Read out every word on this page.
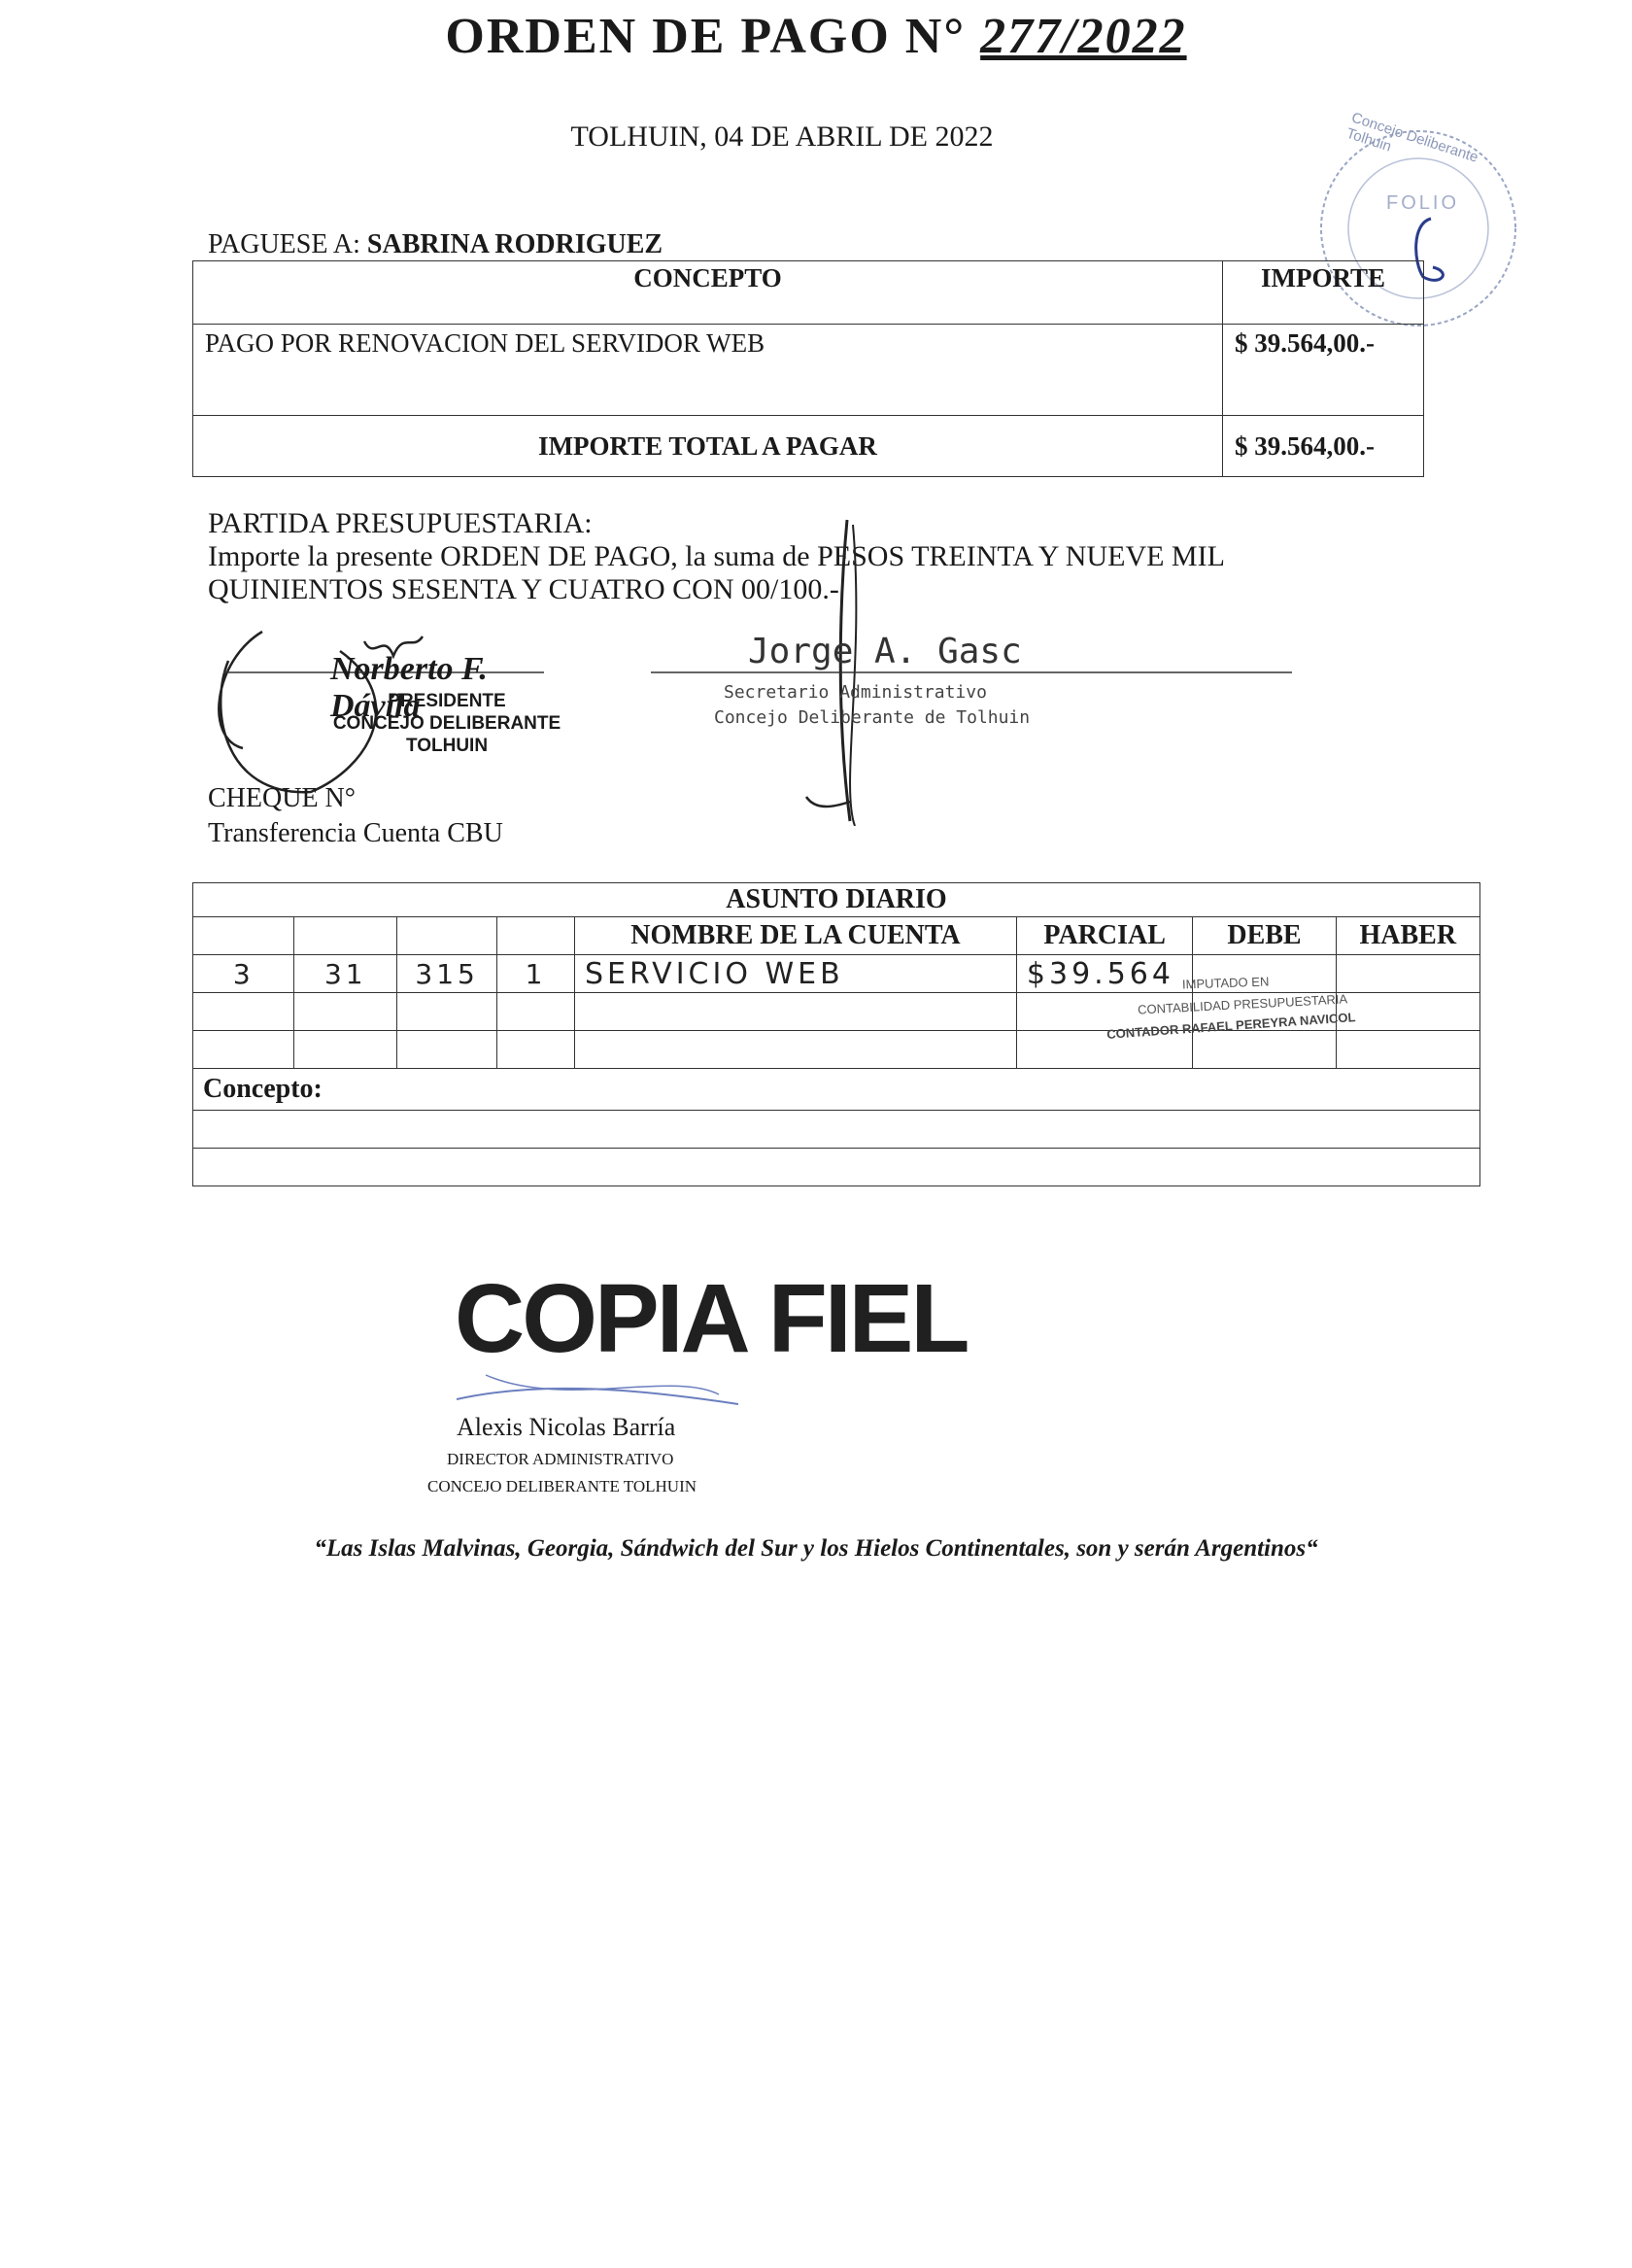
ORDEN DE PAGO N° 277/2022
TOLHUIN, 04 DE ABRIL DE 2022	Concejo Deliberante Tolhuin
FOLIO
PAGUESE A: SABRINA RODRIGUEZ
CONCEPTO	IMPORTE
PAGO POR RENOVACION DEL SERVIDOR WEB	$ 39.564,00.-
IMPORTE TOTAL A PAGAR	$ 39.564,00.-
PARTIDA PRESUPUESTARIA:
Importe la presente ORDEN DE PAGO, la suma de PESOS TREINTA Y NUEVE MIL
QUINIENTOS SESENTA Y CUATRO CON 00/100.-
Norberto F. Dávila
PRESIDENTE
CONCEJO DELIBERANTE
TOLHUIN
Jorge A. Gasc
Secretario Administrativo
Concejo Deliberante de Tolhuin
CHEQUE N°
Transferencia Cuenta CBU
ASUNTO DIARIO							
				NOMBRE DE LA CUENTA	PARCIAL	DEBE	HABER
3	31	315	1	SERVICIO WEB	$39.564		

Concepto:							

IMPUTADO EN
CONTABILIDAD PRESUPUESTARIA
CONTADOR RAFAEL PEREYRA NAVICOL
COPIA FIEL
Alexis Nicolas Barría
DIRECTOR ADMINISTRATIVO
CONCEJO DELIBERANTE TOLHUIN
“Las Islas Malvinas, Georgia, Sándwich del Sur y los Hielos Continentales, son y serán Argentinos“
